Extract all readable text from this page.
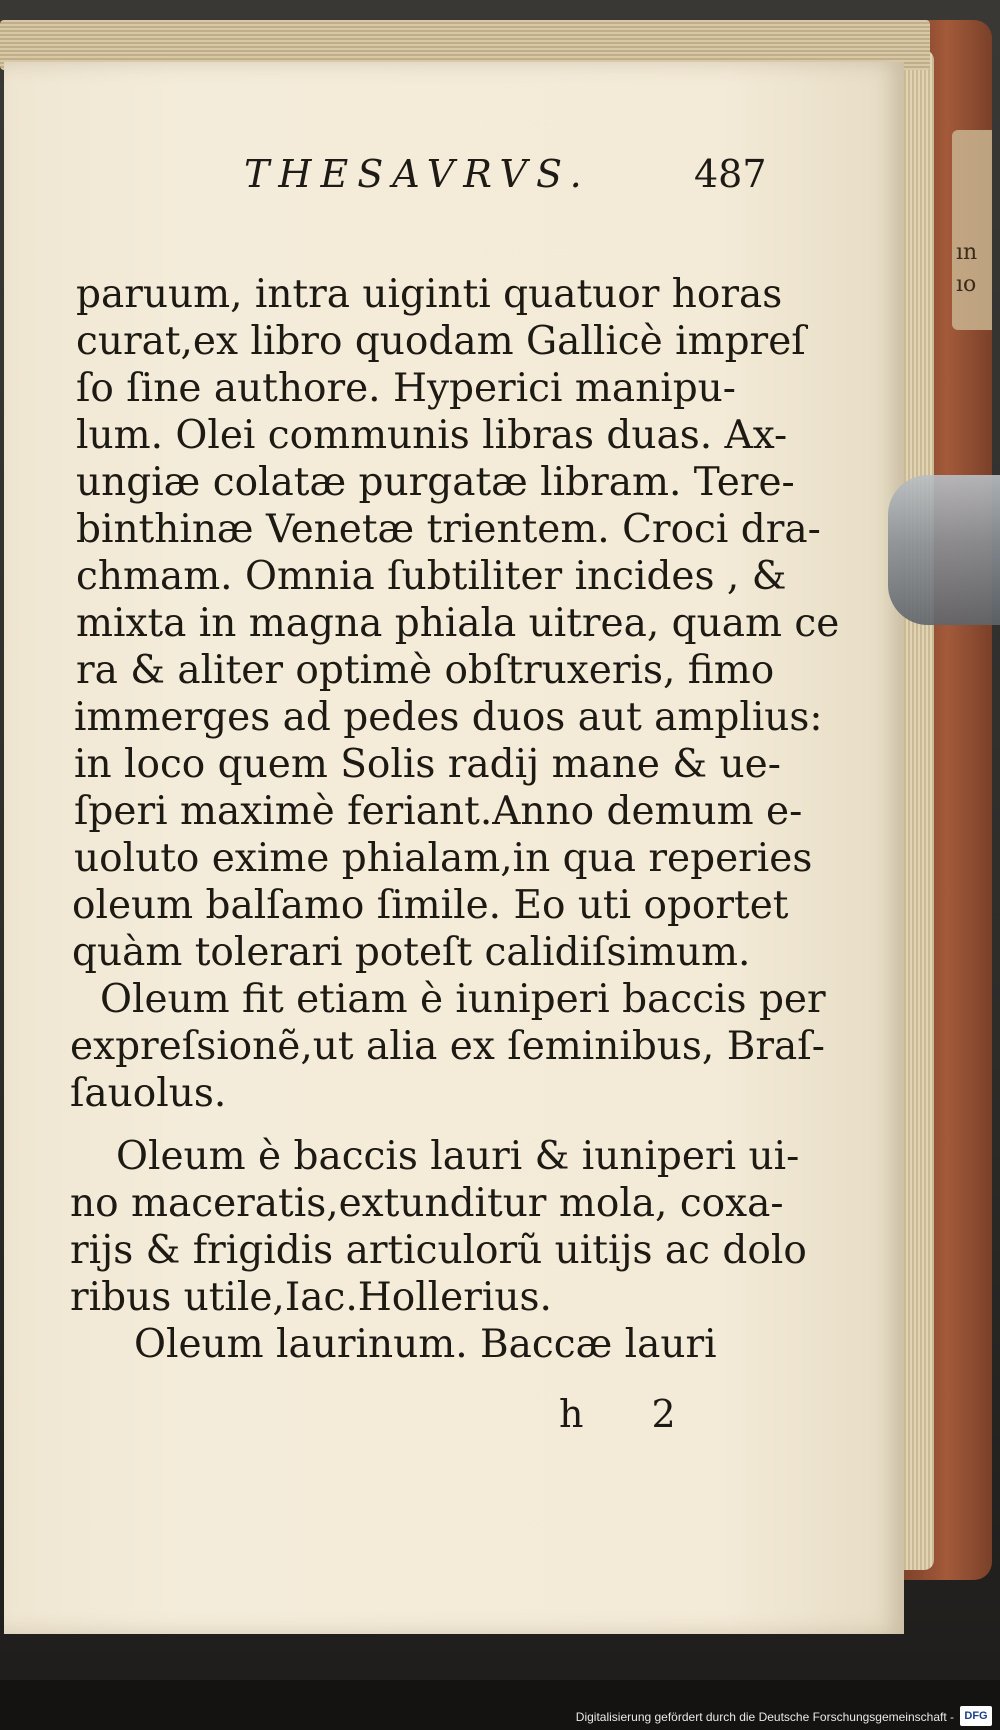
ın
ıo
THESAVRVS.	487
paruum, intra uiginti quatuor horas
curat,ex libro quodam Gallicè impreſ
ſo ſine authore. Hyperici manipu-
lum. Olei communis libras duas. Ax-
ungiæ colatæ purgatæ libram. Tere-
binthinæ Venetæ trientem. Croci dra-
chmam. Omnia ſubtiliter incides , &
mixta in magna phiala uitrea, quam ce
ra & aliter optimè obſtruxeris, fimo
immerges ad pedes duos aut amplius:
in loco quem Solis radij mane & ue-
ſperi maximè feriant.Anno demum e-
uoluto exime phialam,in qua reperies
oleum balſamo ſimile. Eo uti oportet
quàm tolerari poteſt calidiſsimum.
Oleum fit etiam è iuniperi baccis per
expreſsionẽ,ut alia ex ſeminibus, Braſ-
ſauolus.
Oleum è baccis lauri & iuniperi ui-
no maceratis,extunditur mola, coxa-
rijs & frigidis articulorũ uitijs ac dolo
ribus utile,Iac.Hollerius.
Oleum laurinum. Baccæ lauri
h 2
Digitalisierung gefördert durch die Deutsche Forschungsgemeinschaft - DFG
